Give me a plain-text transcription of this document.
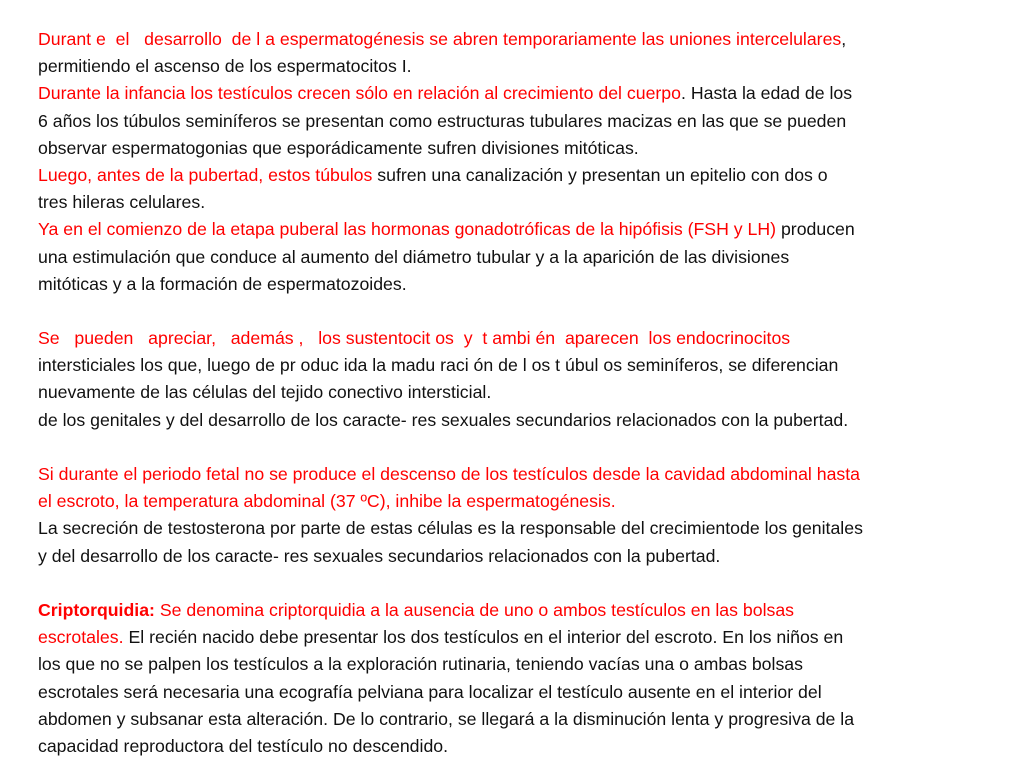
Durant e  el   desarrollo  de l a espermatogénesis se abren temporariamente las uniones intercelulares,
permitiendo el ascenso de los espermatocitos I.
Durante la infancia los testículos crecen sólo en relación al crecimiento del cuerpo. Hasta la edad de los
6 años los túbulos seminíferos se presentan como estructuras tubulares macizas en las que se pueden
observar espermatogonias que esporádicamente sufren divisiones mitóticas.
Luego, antes de la pubertad, estos túbulos sufren una canalización y presentan un epitelio con dos o
tres hileras celulares.
Ya en el comienzo de la etapa puberal las hormonas gonadotróficas de la hipófisis (FSH y LH) producen
una estimulación que conduce al aumento del diámetro tubular y a la aparición de las divisiones
mitóticas y a la formación de espermatozoides.
Se   pueden   apreciar,   además ,   los sustentocit os  y  t ambi én  aparecen  los endocrinocitos
intersticiales los que, luego de pr oduc ida la madu raci ón de l os t úbul os seminíferos, se diferencian
nuevamente de las células del tejido conectivo intersticial.
de los genitales y del desarrollo de los caracte- res sexuales secundarios relacionados con la pubertad.
Si durante el periodo fetal no se produce el descenso de los testículos desde la cavidad abdominal hasta
el escroto, la temperatura abdominal (37 ºC), inhibe la espermatogénesis.
La secreción de testosterona por parte de estas células es la responsable del crecimientode los genitales
y del desarrollo de los caracte- res sexuales secundarios relacionados con la pubertad.
Criptorquidia: Se denomina criptorquidia a la ausencia de uno o ambos testículos en las bolsas
escrotales. El recién nacido debe presentar los dos testículos en el interior del escroto. En los niños en
los que no se palpen los testículos a la exploración rutinaria, teniendo vacías una o ambas bolsas
escrotales será necesaria una ecografía pelviana para localizar el testículo ausente en el interior del
abdomen y subsanar esta alteración. De lo contrario, se llegará a la disminución lenta y progresiva de la
capacidad reproductora del testículo no descendido.
